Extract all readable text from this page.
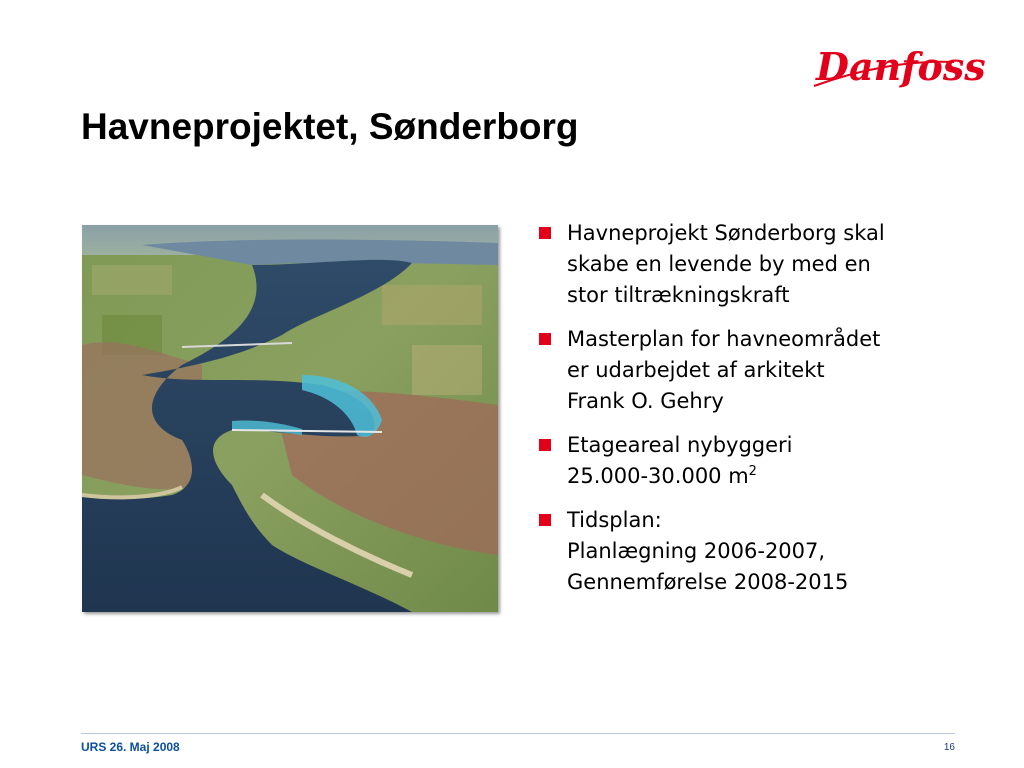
Danfoss
Havneprojektet, Sønderborg
Havneprojekt Sønderborg skal
skabe en levende by med en
stor tiltrækningskraft
Masterplan for havneområdet
er udarbejdet af arkitekt
Frank O. Gehry
Etageareal nybyggeri
25.000-30.000 $m^2$
Tidsplan:
Planlægning 2006-2007,
Gennemførelse 2008-2015
URS 26. Maj 2008	16
